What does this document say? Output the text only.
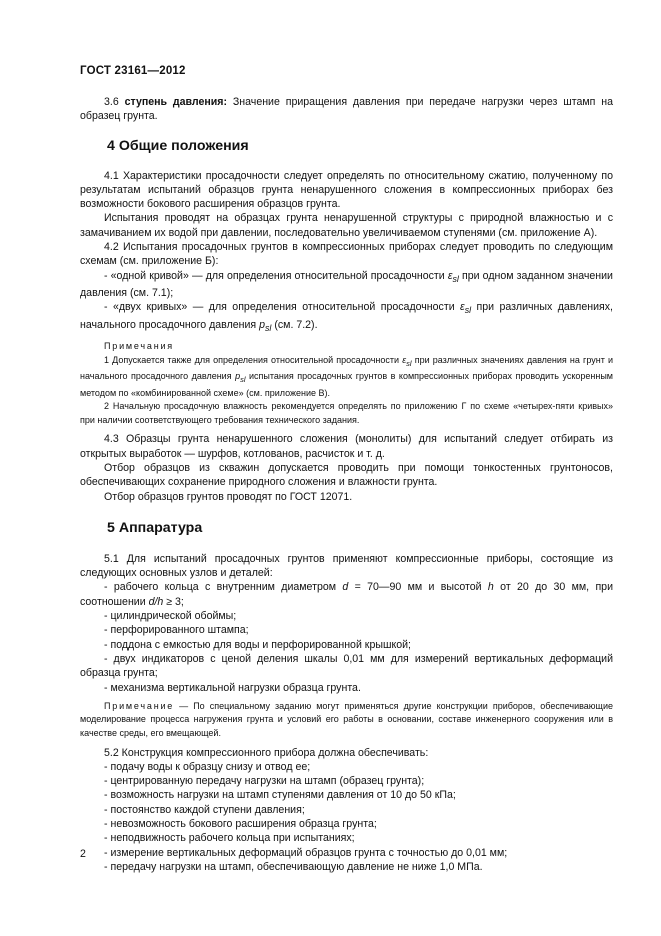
ГОСТ 23161—2012

3.6 ступень давления: Значение приращения давления при передаче нагрузки через штамп на образец грунта.

4 Общие положения

4.1 Характеристики просадочности следует определять по относительному сжатию, полученному по результатам испытаний образцов грунта ненарушенного сложения в компрессионных приборах без возможности бокового расширения образцов грунта.

Испытания проводят на образцах грунта ненарушенной структуры с природной влажностью и с замачиванием их водой при давлении, последовательно увеличиваемом ступенями (см. приложение А).

4.2 Испытания просадочных грунтов в компрессионных приборах следует проводить по следующим схемам (см. приложение Б):

- «одной кривой» — для определения относительной просадочности $\varepsilon_{sl}$ при одном заданном значении давления (см. 7.1);

- «двух кривых» — для определения относительной просадочности $\varepsilon_{sl}$ при различных давлениях, начального просадочного давления $p_{sl}$ (см. 7.2).

Примечания

1 Допускается также для определения относительной просадочности $\varepsilon_{sl}$ при различных значениях давления на грунт и начального просадочного давления $p_{sl}$ испытания просадочных грунтов в компрессионных приборах проводить ускоренным методом по «комбинированной схеме» (см. приложение В).

2 Начальную просадочную влажность рекомендуется определять по приложению Г по схеме «четырех-пяти кривых» при наличии соответствующего требования технического задания.

4.3 Образцы грунта ненарушенного сложения (монолиты) для испытаний следует отбирать из открытых выработок — шурфов, котлованов, расчисток и т. д.

Отбор образцов из скважин допускается проводить при помощи тонкостенных грунтоносов, обеспечивающих сохранение природного сложения и влажности грунта.

Отбор образцов грунтов проводят по ГОСТ 12071.

5 Аппаратура

5.1 Для испытаний просадочных грунтов применяют компрессионные приборы, состоящие из следующих основных узлов и деталей:

- рабочего кольца с внутренним диаметром d = 70—90 мм и высотой h от 20 до 30 мм, при соотношении d/h ≥ 3;

- цилиндрической обоймы;

- перфорированного штампа;

- поддона с емкостью для воды и перфорированной крышкой;

- двух индикаторов с ценой деления шкалы 0,01 мм для измерений вертикальных деформаций образца грунта;

- механизма вертикальной нагрузки образца грунта.

Примечание — По специальному заданию могут применяться другие конструкции приборов, обеспечивающие моделирование процесса нагружения грунта и условий его работы в основании, составе инженерного сооружения или в качестве среды, его вмещающей.

5.2 Конструкция компрессионного прибора должна обеспечивать:

- подачу воды к образцу снизу и отвод ее;

- центрированную передачу нагрузки на штамп (образец грунта);

- возможность нагрузки на штамп ступенями давления от 10 до 50 кПа;

- постоянство каждой ступени давления;

- невозможность бокового расширения образца грунта;

- неподвижность рабочего кольца при испытаниях;

- измерение вертикальных деформаций образцов грунта с точностью до 0,01 мм;

- передачу нагрузки на штамп, обеспечивающую давление не ниже 1,0 МПа.

2
